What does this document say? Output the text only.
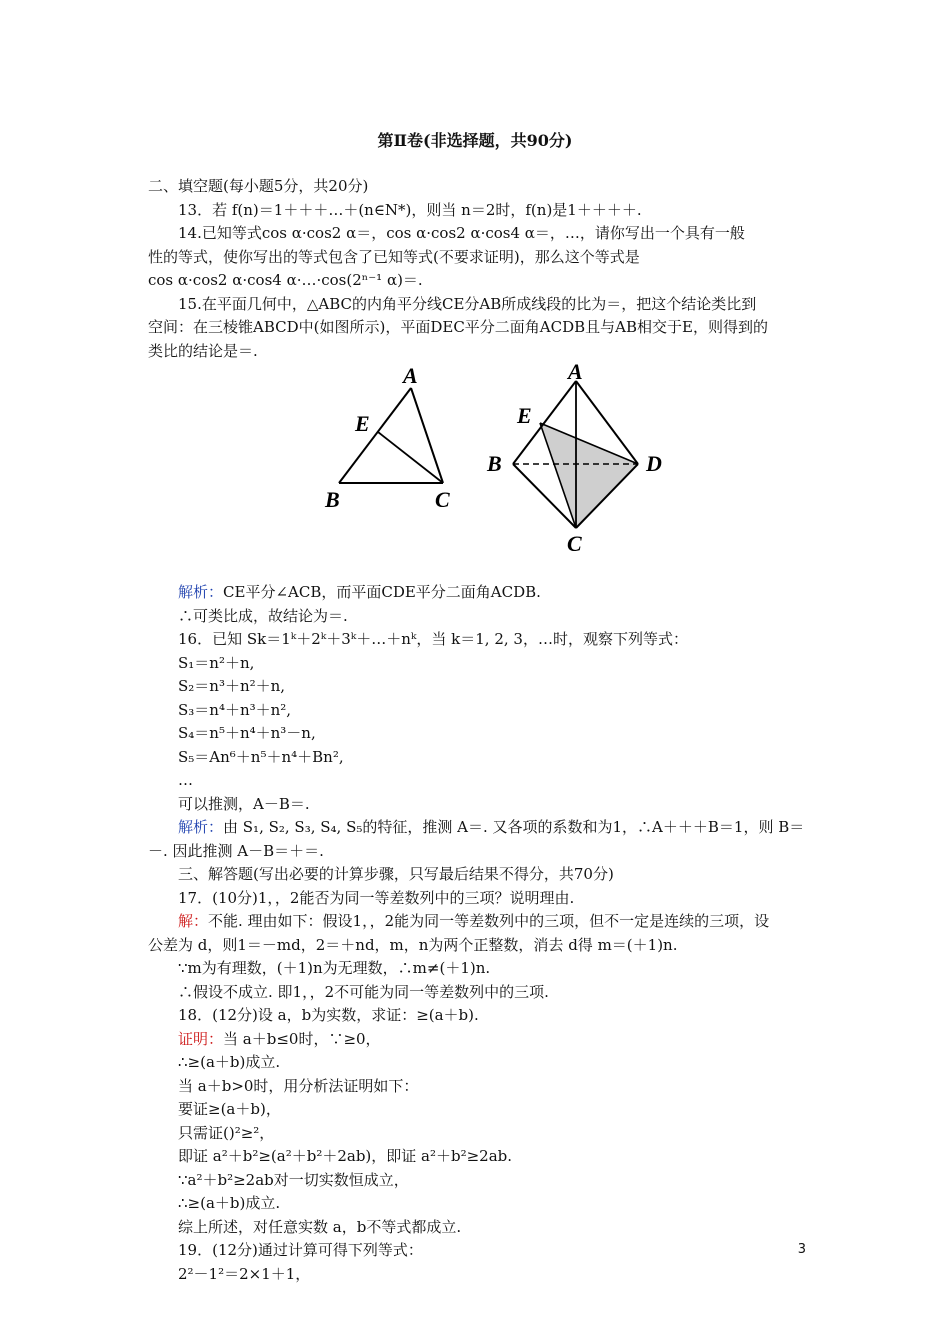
第Ⅱ卷(非选择题，共90分)

二、填空题(每小题5分，共20分)

13．若 f(n)＝1＋＋＋…＋(n∈N*)，则当 n＝2时，f(n)是1＋＋＋＋.

14.已知等式cos α·cos2 α＝，cos α·cos2 α·cos4 α＝，…，请你写出一个具有一般

性的等式，使你写出的等式包含了已知等式(不要求证明)，那么这个等式是

cos α·cos2 α·cos4 α·…·cos(2ⁿ⁻¹ α)＝.

15.在平面几何中，△ABC的内角平分线CE分AB所成线段的比为＝，把这个结论类比到

空间：在三棱锥ABCD中(如图所示)，平面DEC平分二面角ACDB且与AB相交于E，则得到的

类比的结论是＝.

A
E
B	C
A
E
B	D
C

解析：CE平分∠ACB，而平面CDE平分二面角ACDB.

∴可类比成，故结论为＝.

16．已知 Sk＝1ᵏ＋2ᵏ＋3ᵏ＋…＋nᵏ，当 k＝1, 2, 3，…时，观察下列等式：

S₁＝n²＋n,

S₂＝n³＋n²＋n,

S₃＝n⁴＋n³＋n²,

S₄＝n⁵＋n⁴＋n³－n,

S₅＝An⁶＋n⁵＋n⁴＋Bn²,

…

可以推测，A－B＝.

解析：由 S₁, S₂, S₃, S₄, S₅的特征，推测 A＝. 又各项的系数和为1，∴A＋＋＋B＝1，则 B＝

－. 因此推测 A－B＝＋＝.

三、解答题(写出必要的计算步骤，只写最后结果不得分，共70分)

17．(10分)1，，2能否为同一等差数列中的三项？说明理由.

解：不能. 理由如下：假设1，，2能为同一等差数列中的三项，但不一定是连续的三项，设

公差为 d，则1＝－md，2＝＋nd，m，n为两个正整数，消去 d得 m＝(＋1)n.

∵m为有理数，(＋1)n为无理数，∴m≠(＋1)n.

∴假设不成立. 即1，，2不可能为同一等差数列中的三项.

18．(12分)设 a，b为实数，求证：≥(a＋b).

证明：当 a＋b≤0时，∵≥0，

∴≥(a＋b)成立.

当 a＋b>0时，用分析法证明如下：

要证≥(a＋b)，

只需证()²≥²，

即证 a²＋b²≥(a²＋b²＋2ab)，即证 a²＋b²≥2ab.

∵a²＋b²≥2ab对一切实数恒成立，

∴≥(a＋b)成立.

综上所述，对任意实数 a，b不等式都成立.

19．(12分)通过计算可得下列等式：

2²－1²＝2×1＋1，

3
